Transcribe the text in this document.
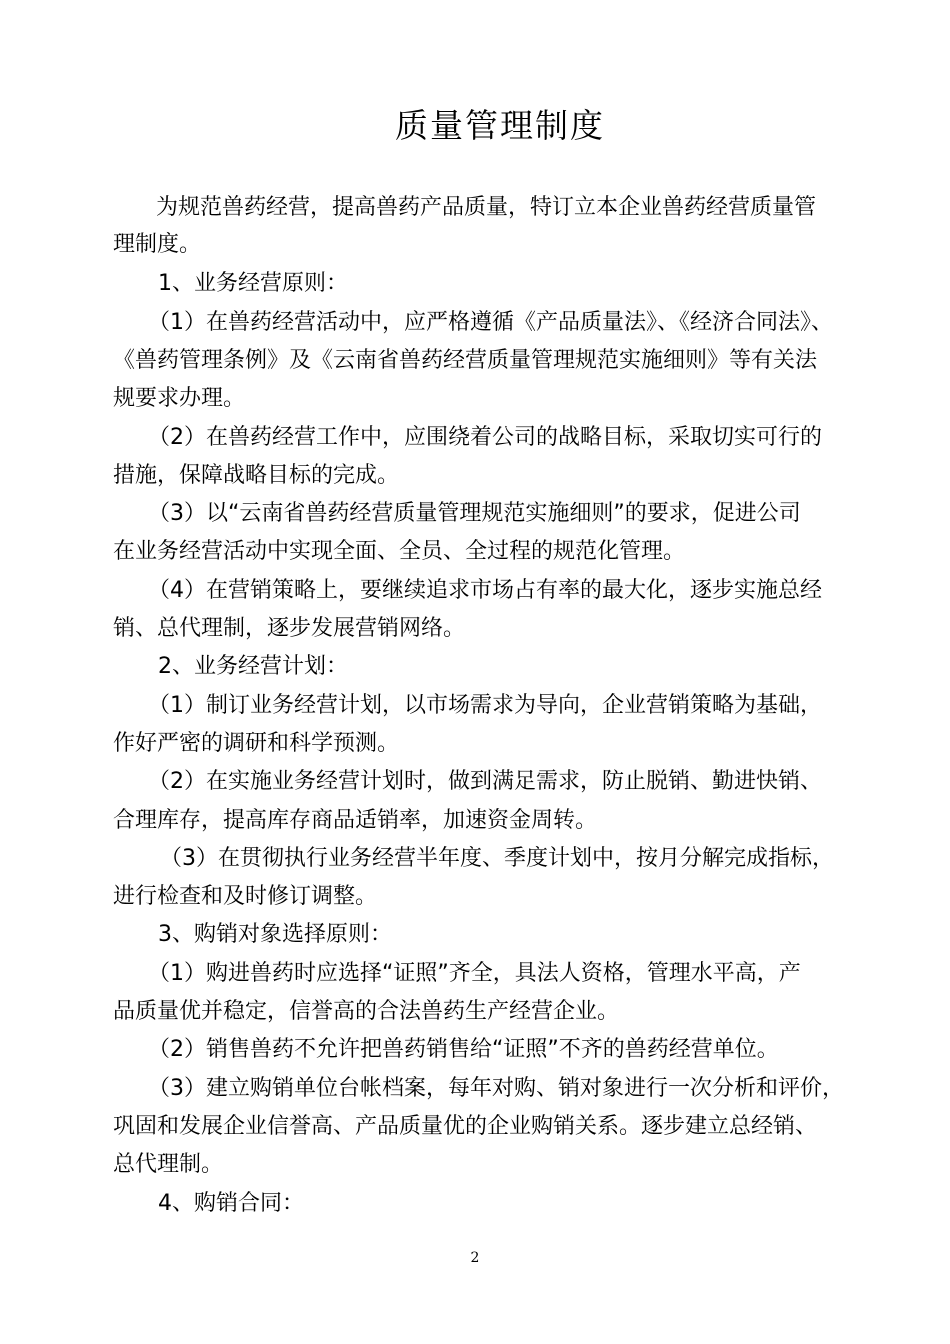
质量管理制度
为规范兽药经营，提高兽药产品质量，特订立本企业兽药经营质量管
理制度。
1、业务经营原则：
（1）在兽药经营活动中，应严格遵循《产品质量法》、《经济合同法》、
《兽药管理条例》及《云南省兽药经营质量管理规范实施细则》等有关法
规要求办理。
（2）在兽药经营工作中，应围绕着公司的战略目标，采取切实可行的
措施，保障战略目标的完成。
（3）以“云南省兽药经营质量管理规范实施细则”的要求，促进公司
在业务经营活动中实现全面、全员、全过程的规范化管理。
（4）在营销策略上，要继续追求市场占有率的最大化，逐步实施总经
销、总代理制，逐步发展营销网络。
2、业务经营计划：
（1）制订业务经营计划，以市场需求为导向，企业营销策略为基础，
作好严密的调研和科学预测。
（2）在实施业务经营计划时，做到满足需求，防止脱销、勤进快销、
合理库存，提高库存商品适销率，加速资金周转。
（3）在贯彻执行业务经营半年度、季度计划中，按月分解完成指标，
进行检查和及时修订调整。
3、购销对象选择原则：
（1）购进兽药时应选择“证照”齐全，具法人资格，管理水平高，产
品质量优并稳定，信誉高的合法兽药生产经营企业。
（2）销售兽药不允许把兽药销售给“证照”不齐的兽药经营单位。
（3）建立购销单位台帐档案，每年对购、销对象进行一次分析和评价，
巩固和发展企业信誉高、产品质量优的企业购销关系。逐步建立总经销、
总代理制。
4、购销合同：
2
